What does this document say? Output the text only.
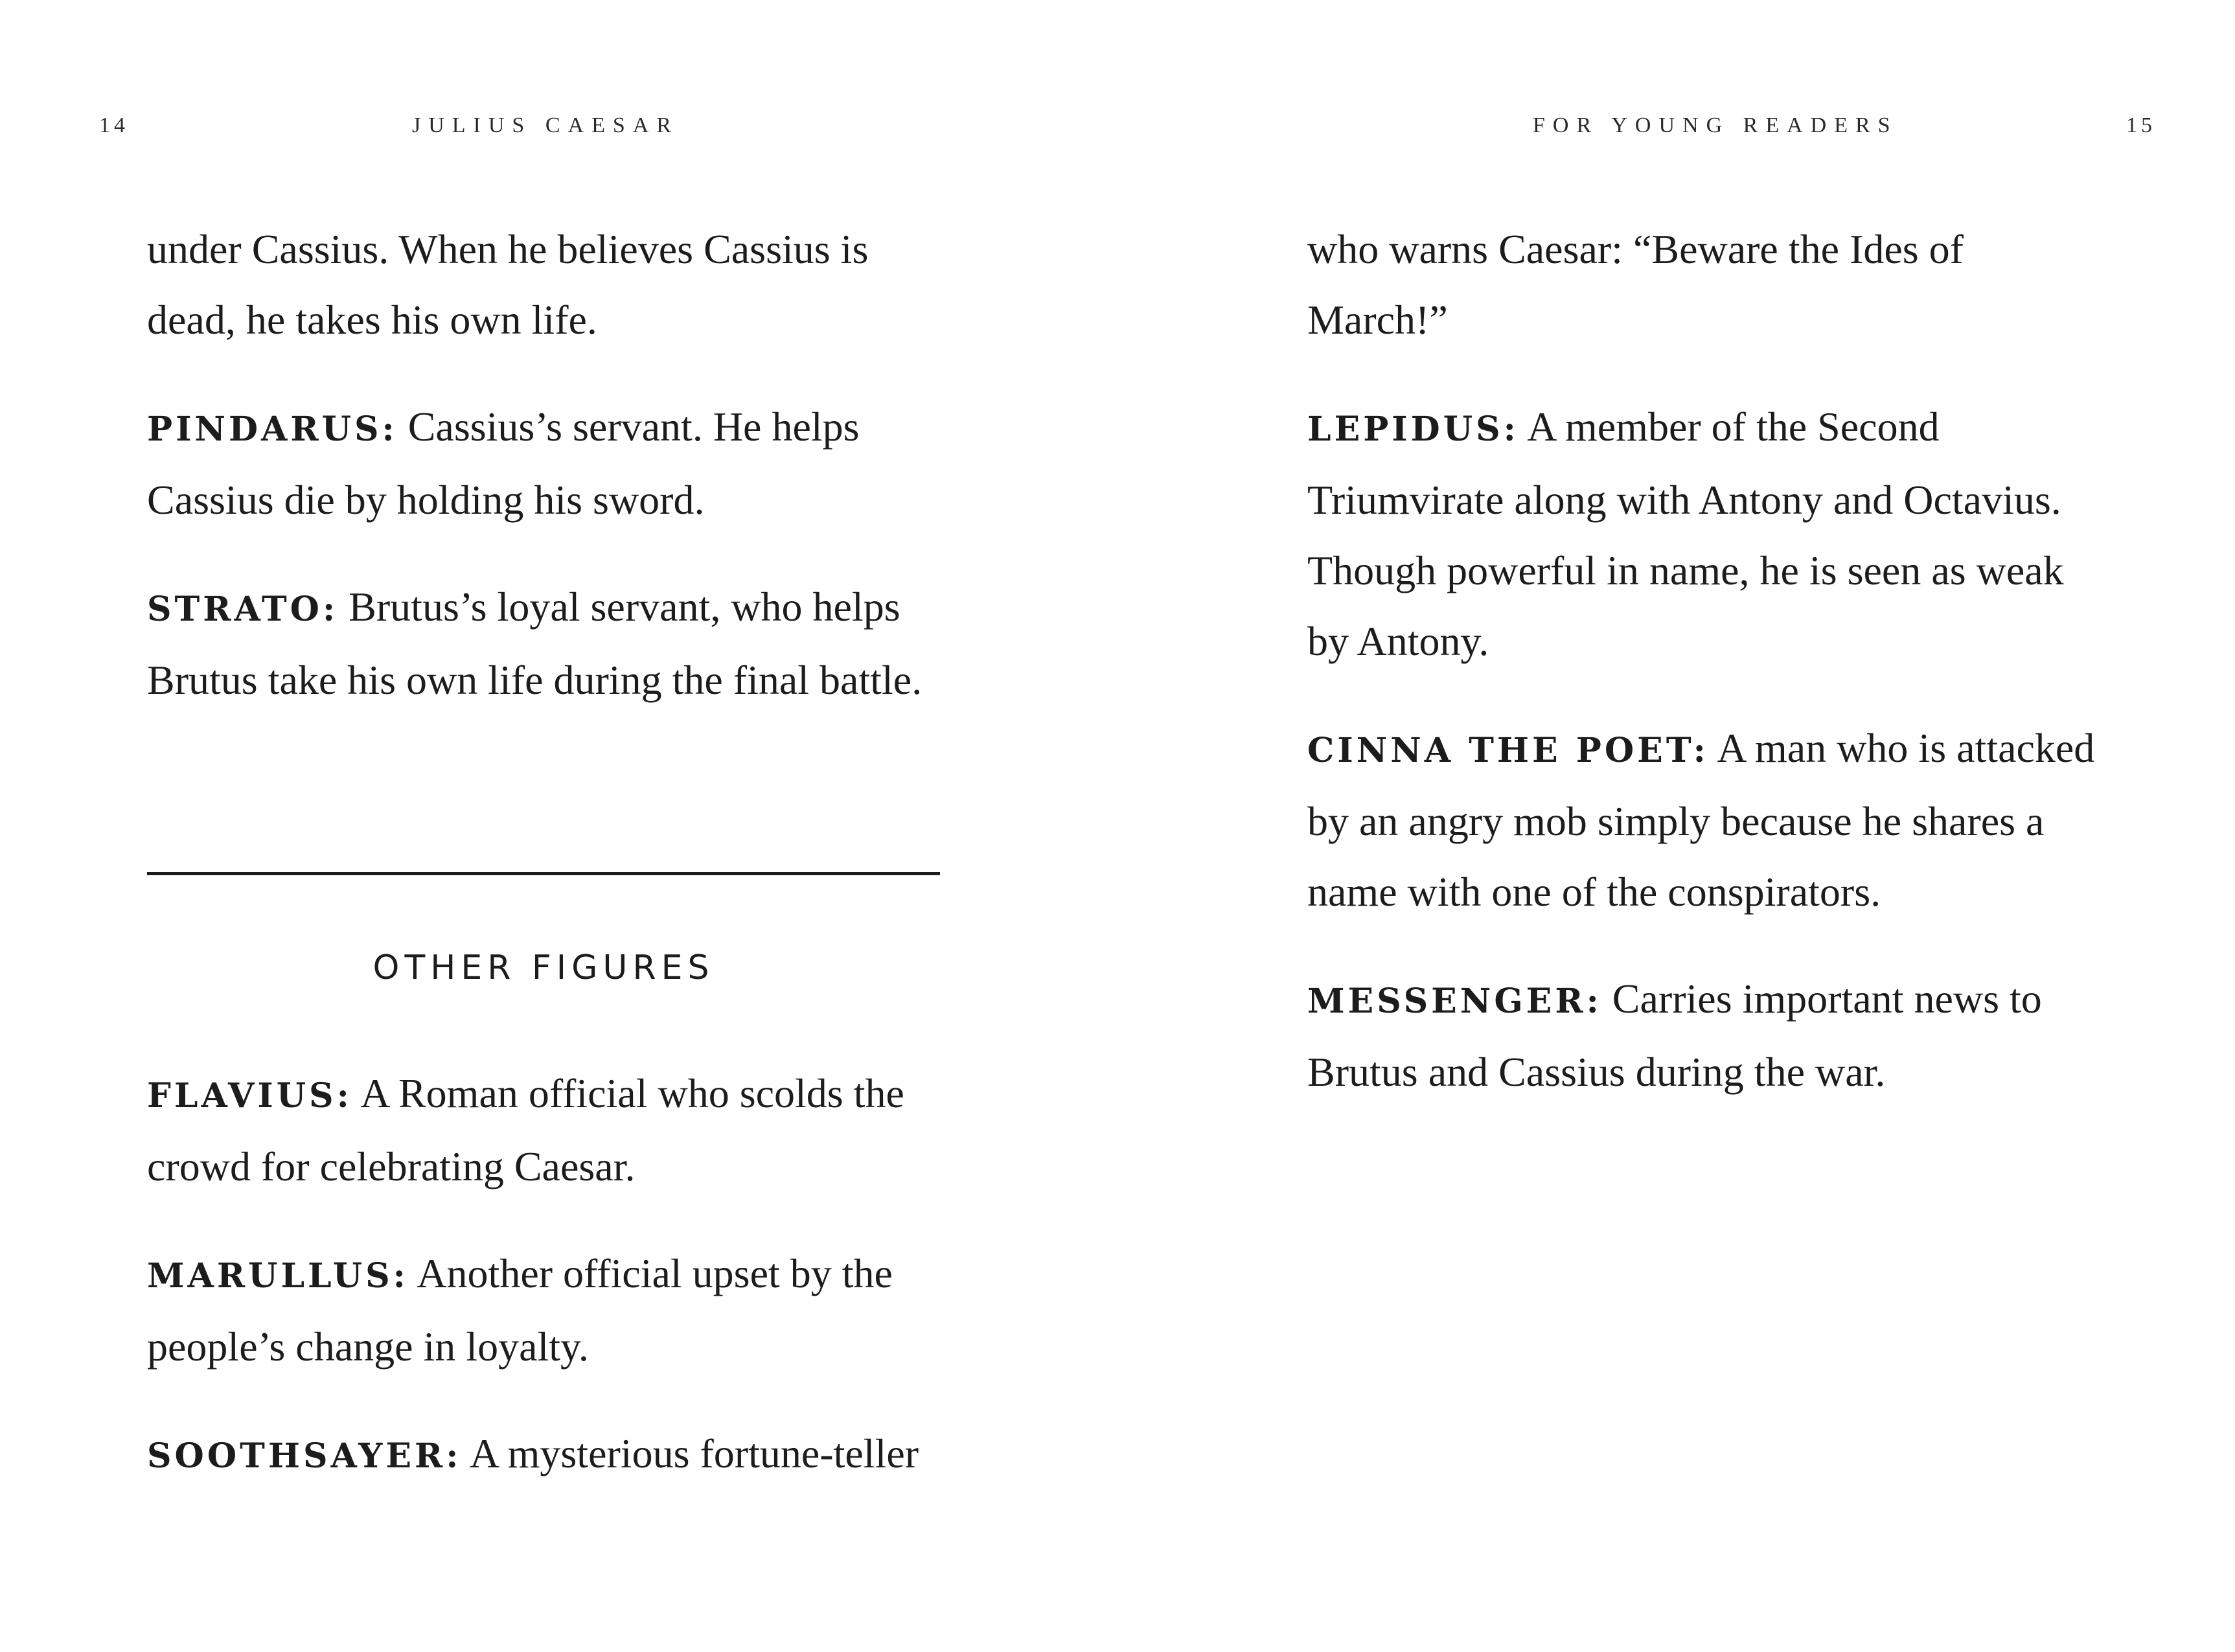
14	JULIUS CAESAR

under Cassius. When he believes Cassius is dead, he takes his own life.

PINDARUS: Cassius’s servant. He helps Cassius die by holding his sword.

STRATO: Brutus’s loyal servant, who helps Brutus take his own life during the final battle.

OTHER FIGURES

FLAVIUS: A Roman official who scolds the crowd for celebrating Caesar.

MARULLUS: Another official upset by the people’s change in loyalty.

SOOTHSAYER: A mysterious fortune-teller

FOR YOUNG READERS	15

who warns Caesar: “Beware the Ides of March!”

LEPIDUS: A member of the Second Triumvirate along with Antony and Octavius. Though powerful in name, he is seen as weak by Antony.

CINNA THE POET: A man who is attacked by an angry mob simply because he shares a name with one of the conspirators.

MESSENGER: Carries important news to Brutus and Cassius during the war.
